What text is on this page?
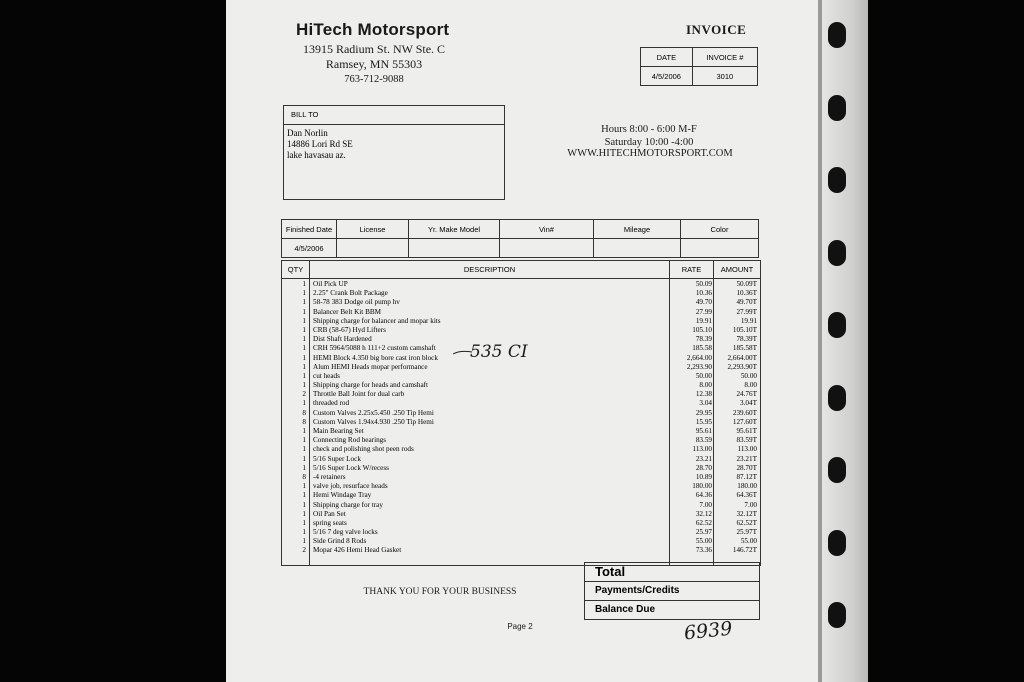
HiTech Motorsport
13915 Radium St. NW Ste. C
Ramsey, MN 55303
763-712-9088
INVOICE
DATE	INVOICE #
4/5/2006	3010
BILL TO
Dan Norlin
14886 Lori Rd SE
lake havasau az.
Hours 8:00 - 6:00 M-F
Saturday 10:00 -4:00
WWW.HITECHMOTORSPORT.COM
Finished Date	License	Yr. Make Model	Vin#	Mileage	Color
4/5/2006					
QTY	DESCRIPTION	RATE	AMOUNT
1 Oil Pick UP	50.09	50.09T
1 2.25" Crank Bolt Package	10.36	10.36T
1 58-78 383 Dodge oil pump hv	49.70	49.70T
1 Balancer Belt Kit BBM	27.99	27.99T
1 Shipping charge for balancer and mopar kits	19.91	19.91
1 CRB (58-67) Hyd Lifters	105.10	105.10T
1 Dist Shaft Hardened	78.39	78.39T
1 CRH 5964/5088 h 111+2 custom camshaft	185.58	185.58T
1 HEMI Block 4.350 big bore cast iron block	2,664.00	2,664.00T
1 Alum HEMI Heads mopar performance	2,293.90	2,293.90T
1 cut heads	50.00	50.00
1 Shipping charge for heads and camshaft	8.00	8.00
2 Throttle Ball Joint for dual carb	12.38	24.76T
1 threaded rod	3.04	3.04T
8 Custom Valves 2.25x5.450 .250 Tip Hemi	29.95	239.60T
8 Custom Valves 1.94x4.930 .250 Tip Hemi	15.95	127.60T
1 Main Bearing Set	95.61	95.61T
1 Connecting Rod bearings	83.59	83.59T
1 check and polishing shot peen rods	113.00	113.00
1 5/16 Super Lock	23.21	23.21T
1 5/16 Super Lock W/recess	28.70	28.70T
8 -4 retainers	10.89	87.12T
1 valve job, resurface heads	180.00	180.00
1 Hemi Windage Tray	64.36	64.36T
1 Shipping charge for tray	7.00	7.00
1 Oil Pan Set	32.12	32.12T
1 spring seats	62.52	62.52T
1 5/16 7 deg valve locks	25.97	25.97T
1 Side Grind 8 Rods	55.00	55.00
2 Mopar 426 Hemi Head Gasket	73.36	146.72T
535 CI
THANK YOU FOR YOUR BUSINESS
Page 2
Total
Payments/Credits
Balance Due
6939
